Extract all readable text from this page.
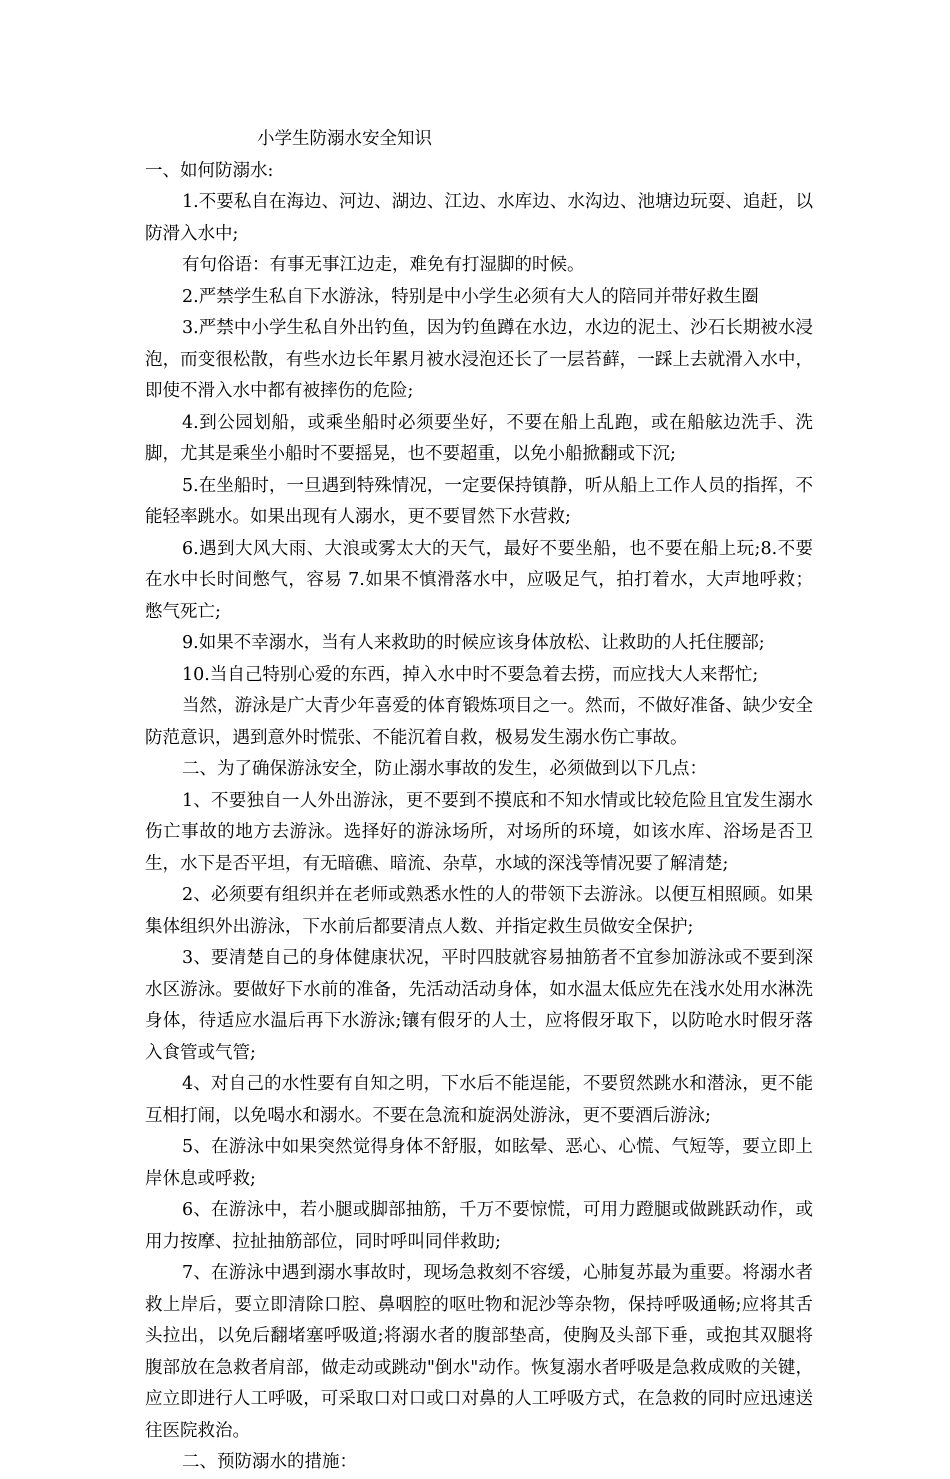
小学生防溺水安全知识

一、如何防溺水:

1.不要私自在海边、河边、湖边、江边、水库边、水沟边、池塘边玩耍、追赶，以防滑入水中;

有句俗语：有事无事江边走，难免有打湿脚的时候。

2.严禁学生私自下水游泳，特别是中小学生必须有大人的陪同并带好救生圈

3.严禁中小学生私自外出钓鱼，因为钓鱼蹲在水边，水边的泥土、沙石长期被水浸泡，而变很松散，有些水边长年累月被水浸泡还长了一层苔藓，一踩上去就滑入水中，即使不滑入水中都有被摔伤的危险;

4.到公园划船，或乘坐船时必须要坐好，不要在船上乱跑，或在船舷边洗手、洗脚，尤其是乘坐小船时不要摇晃，也不要超重，以免小船掀翻或下沉;

5.在坐船时，一旦遇到特殊情况，一定要保持镇静，听从船上工作人员的指挥，不能轻率跳水。如果出现有人溺水，更不要冒然下水营救;

6.遇到大风大雨、大浪或雾太大的天气，最好不要坐船，也不要在船上玩;8.不要在水中长时间憋气，容易 7.如果不慎滑落水中，应吸足气，拍打着水，大声地呼救；憋气死亡;

9.如果不幸溺水，当有人来救助的时候应该身体放松、让救助的人托住腰部;

10.当自己特别心爱的东西，掉入水中时不要急着去捞，而应找大人来帮忙;

当然，游泳是广大青少年喜爱的体育锻炼项目之一。然而，不做好准备、缺少安全防范意识，遇到意外时慌张、不能沉着自救，极易发生溺水伤亡事故。

二、为了确保游泳安全，防止溺水事故的发生，必须做到以下几点：

1、不要独自一人外出游泳，更不要到不摸底和不知水情或比较危险且宜发生溺水伤亡事故的地方去游泳。选择好的游泳场所，对场所的环境，如该水库、浴场是否卫生，水下是否平坦，有无暗礁、暗流、杂草，水域的深浅等情况要了解清楚;

2、必须要有组织并在老师或熟悉水性的人的带领下去游泳。以便互相照顾。如果集体组织外出游泳，下水前后都要清点人数、并指定救生员做安全保护;

3、要清楚自己的身体健康状况，平时四肢就容易抽筋者不宜参加游泳或不要到深水区游泳。要做好下水前的准备，先活动活动身体，如水温太低应先在浅水处用水淋洗身体，待适应水温后再下水游泳;镶有假牙的人士，应将假牙取下，以防呛水时假牙落入食管或气管;

4、对自己的水性要有自知之明，下水后不能逞能，不要贸然跳水和潜泳，更不能互相打闹，以免喝水和溺水。不要在急流和旋涡处游泳，更不要酒后游泳;

5、在游泳中如果突然觉得身体不舒服，如眩晕、恶心、心慌、气短等，要立即上岸休息或呼救;

6、在游泳中，若小腿或脚部抽筋，千万不要惊慌，可用力蹬腿或做跳跃动作，或用力按摩、拉扯抽筋部位，同时呼叫同伴救助;

7、在游泳中遇到溺水事故时，现场急救刻不容缓，心肺复苏最为重要。将溺水者救上岸后，要立即清除口腔、鼻咽腔的呕吐物和泥沙等杂物，保持呼吸通畅;应将其舌头拉出，以免后翻堵塞呼吸道;将溺水者的腹部垫高，使胸及头部下垂，或抱其双腿将腹部放在急救者肩部，做走动或跳动"倒水"动作。恢复溺水者呼吸是急救成败的关键，应立即进行人工呼吸，可采取口对口或口对鼻的人工呼吸方式，在急救的同时应迅速送往医院救治。

二、预防溺水的措施：
